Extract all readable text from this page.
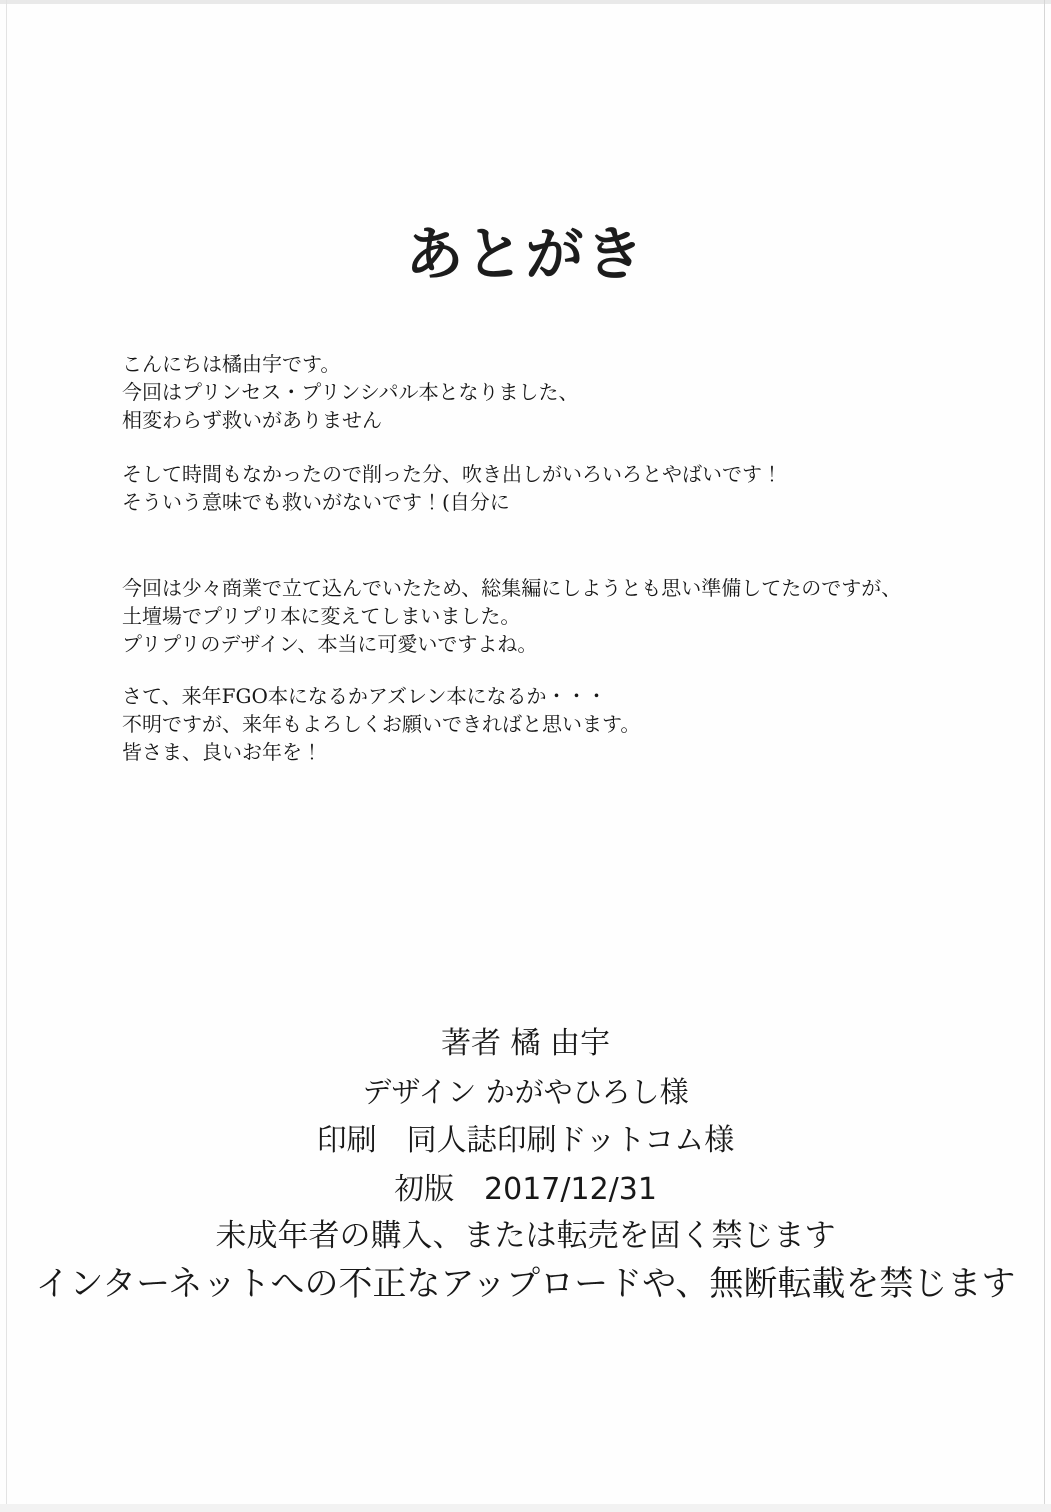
あとがき

こんにちは橘由宇です。
今回はプリンセス・プリンシパル本となりました、
相変わらず救いがありません

そして時間もなかったので削った分、吹き出しがいろいろとやばいです！
そういう意味でも救いがないです！(自分に

今回は少々商業で立て込んでいたため、総集編にしようとも思い準備してたのですが、
土壇場でプリプリ本に変えてしまいました。
プリプリのデザイン、本当に可愛いですよね。

さて、来年FGO本になるかアズレン本になるか・・・
不明ですが、来年もよろしくお願いできればと思います。
皆さま、良いお年を！

著者 橘 由宇
デザイン かがやひろし様
印刷　同人誌印刷ドットコム様
初版　2017/12/31
未成年者の購入、または転売を固く禁じます
インターネットへの不正なアップロードや、無断転載を禁じます
